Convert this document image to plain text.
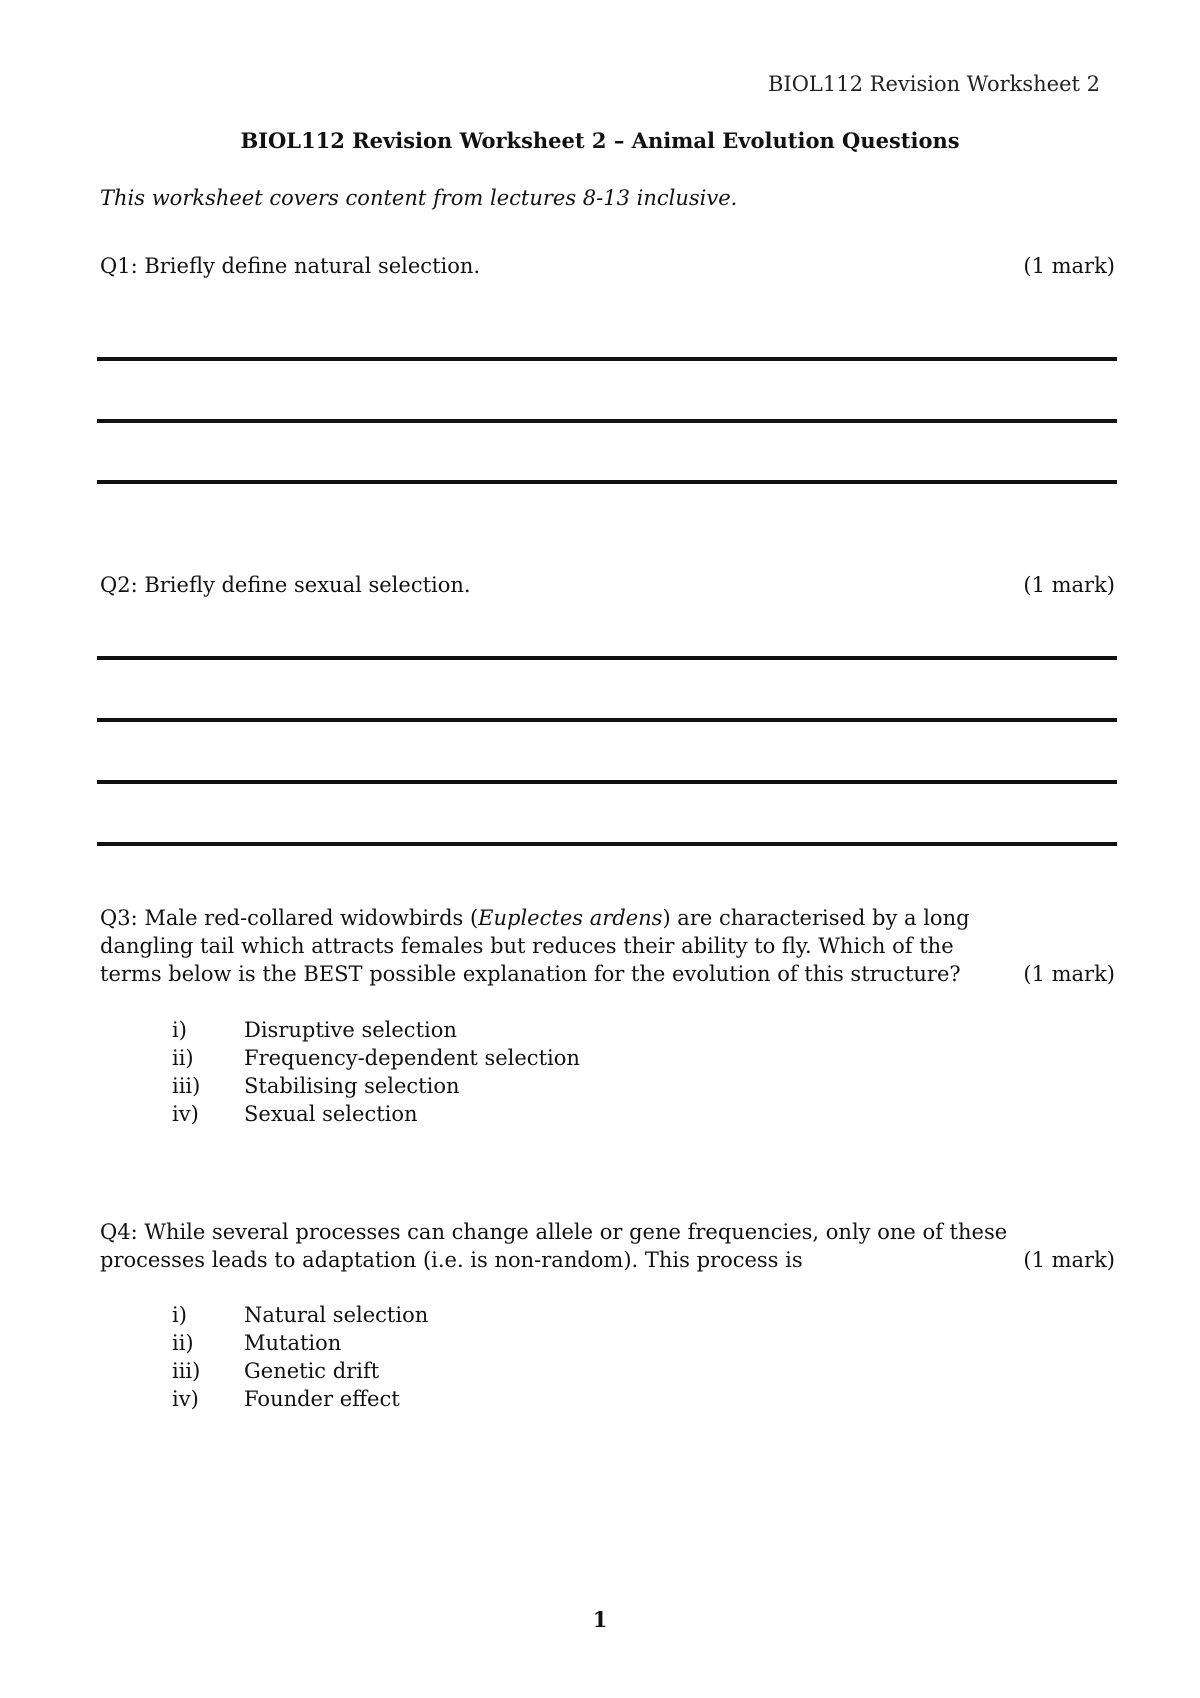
BIOL112 Revision Worksheet 2
BIOL112 Revision Worksheet 2 – Animal Evolution Questions
This worksheet covers content from lectures 8-13 inclusive.
Q1: Briefly define natural selection.	(1 mark)
Q2: Briefly define sexual selection.	(1 mark)
Q3: Male red-collared widowbirds (Euplectes ardens) are characterised by a long dangling tail which attracts females but reduces their ability to fly. Which of the terms below is the BEST possible explanation for the evolution of this structure?	(1 mark)
i)	Disruptive selection
ii) Frequency-dependent selection
iii) Stabilising selection
iv) Sexual selection
Q4: While several processes can change allele or gene frequencies, only one of these processes leads to adaptation (i.e. is non-random). This process is	(1 mark)
i)	Natural selection
ii) Mutation
iii) Genetic drift
iv) Founder effect
1
